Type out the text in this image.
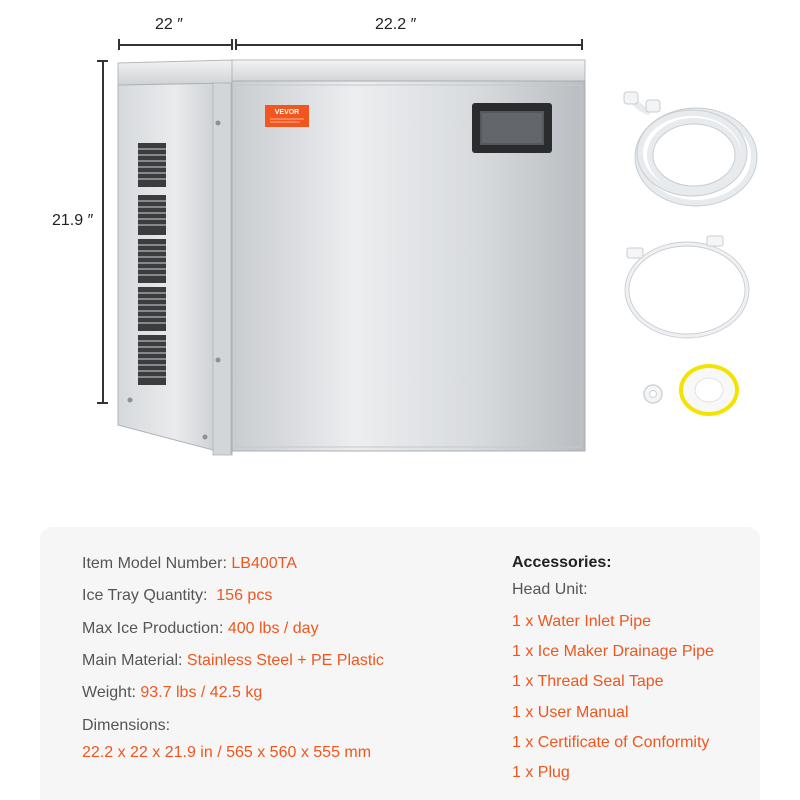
22 ″	22.2 ″
21.9 ″
VEVOR
Item Model Number: LB400TA
Ice Tray Quantity:  156 pcs
Max Ice Production: 400 lbs / day
Main Material: Stainless Steel + PE Plastic
Weight: 93.7 lbs / 42.5 kg
Dimensions:
22.2 x 22 x 21.9 in / 565 x 560 x 555 mm
Accessories:
Head Unit:
1 x Water Inlet Pipe
1 x Ice Maker Drainage Pipe
1 x Thread Seal Tape
1 x User Manual
1 x Certificate of Conformity
1 x Plug
